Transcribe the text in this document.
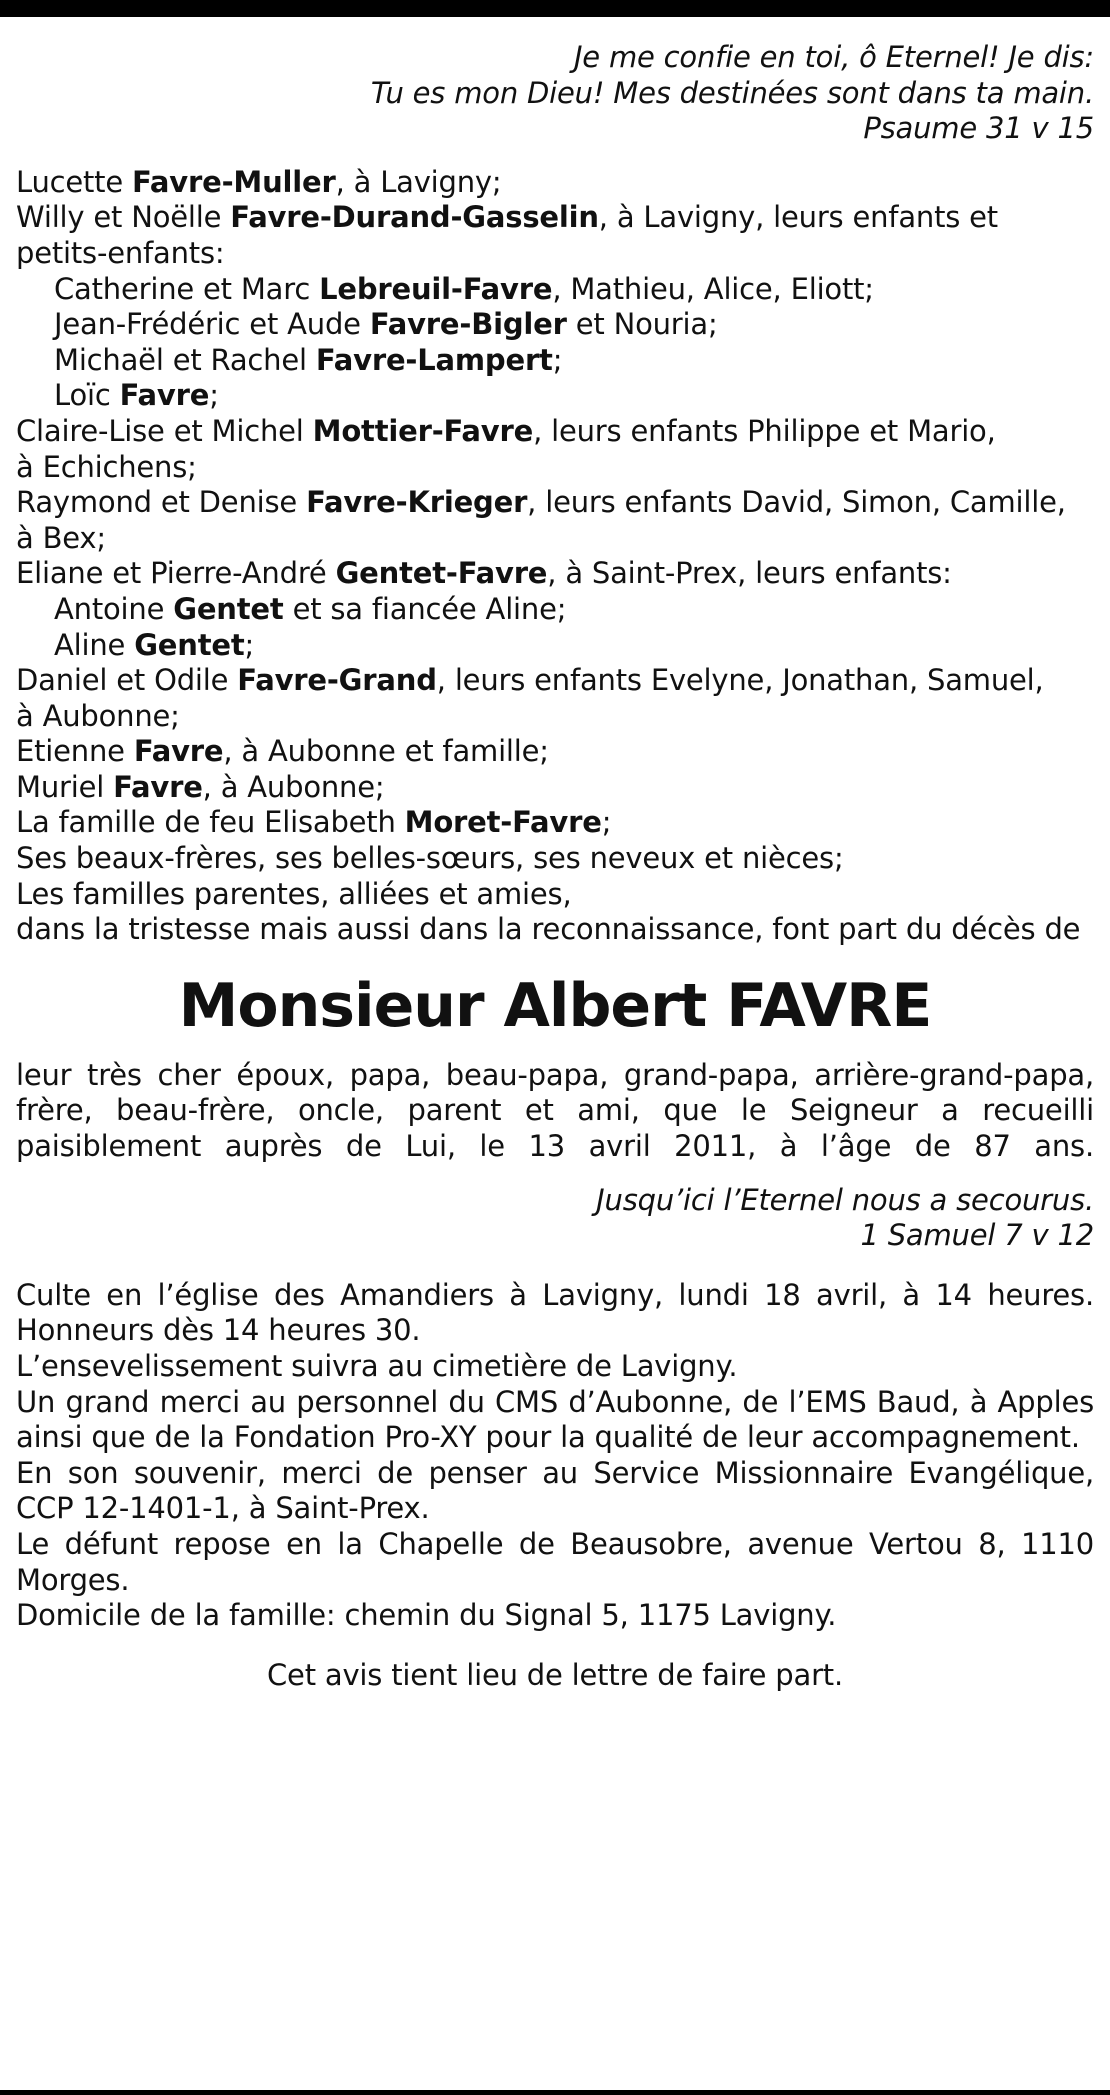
Je me confie en toi, ô Eternel! Je dis:
Tu es mon Dieu! Mes destinées sont dans ta main.
Psaume 31 v 15
Lucette Favre-Muller, à Lavigny;
Willy et Noëlle Favre-Durand-Gasselin, à Lavigny, leurs enfants et
petits-enfants:
Catherine et Marc Lebreuil-Favre, Mathieu, Alice, Eliott;
Jean-Frédéric et Aude Favre-Bigler et Nouria;
Michaël et Rachel Favre-Lampert;
Loïc Favre;
Claire-Lise et Michel Mottier-Favre, leurs enfants Philippe et Mario,
à Echichens;
Raymond et Denise Favre-Krieger, leurs enfants David, Simon, Camille,
à Bex;
Eliane et Pierre-André Gentet-Favre, à Saint-Prex, leurs enfants:
Antoine Gentet et sa fiancée Aline;
Aline Gentet;
Daniel et Odile Favre-Grand, leurs enfants Evelyne, Jonathan, Samuel,
à Aubonne;
Etienne Favre, à Aubonne et famille;
Muriel Favre, à Aubonne;
La famille de feu Elisabeth Moret-Favre;
Ses beaux-frères, ses belles-sœurs, ses neveux et nièces;
Les familles parentes, alliées et amies,
dans la tristesse mais aussi dans la reconnaissance, font part du décès de
Monsieur Albert FAVRE
leur très cher époux, papa, beau-papa, grand-papa, arrière-grand-papa, frère, beau-frère, oncle, parent et ami, que le Seigneur a recueilli paisiblement auprès de Lui, le 13 avril 2011, à l’âge de 87 ans.
Jusqu’ici l’Eternel nous a secourus.
1 Samuel 7 v 12
Culte en l’église des Amandiers à Lavigny, lundi 18 avril, à 14 heures. Honneurs dès 14 heures 30.
L’ensevelissement suivra au cimetière de Lavigny.
Un grand merci au personnel du CMS d’Aubonne, de l’EMS Baud, à Apples ainsi que de la Fondation Pro-XY pour la qualité de leur accompagnement.
En son souvenir, merci de penser au Service Missionnaire Evangélique, CCP 12-1401-1, à Saint-Prex.
Le défunt repose en la Chapelle de Beausobre, avenue Vertou 8, 1110 Morges.
Domicile de la famille: chemin du Signal 5, 1175 Lavigny.
Cet avis tient lieu de lettre de faire part.
